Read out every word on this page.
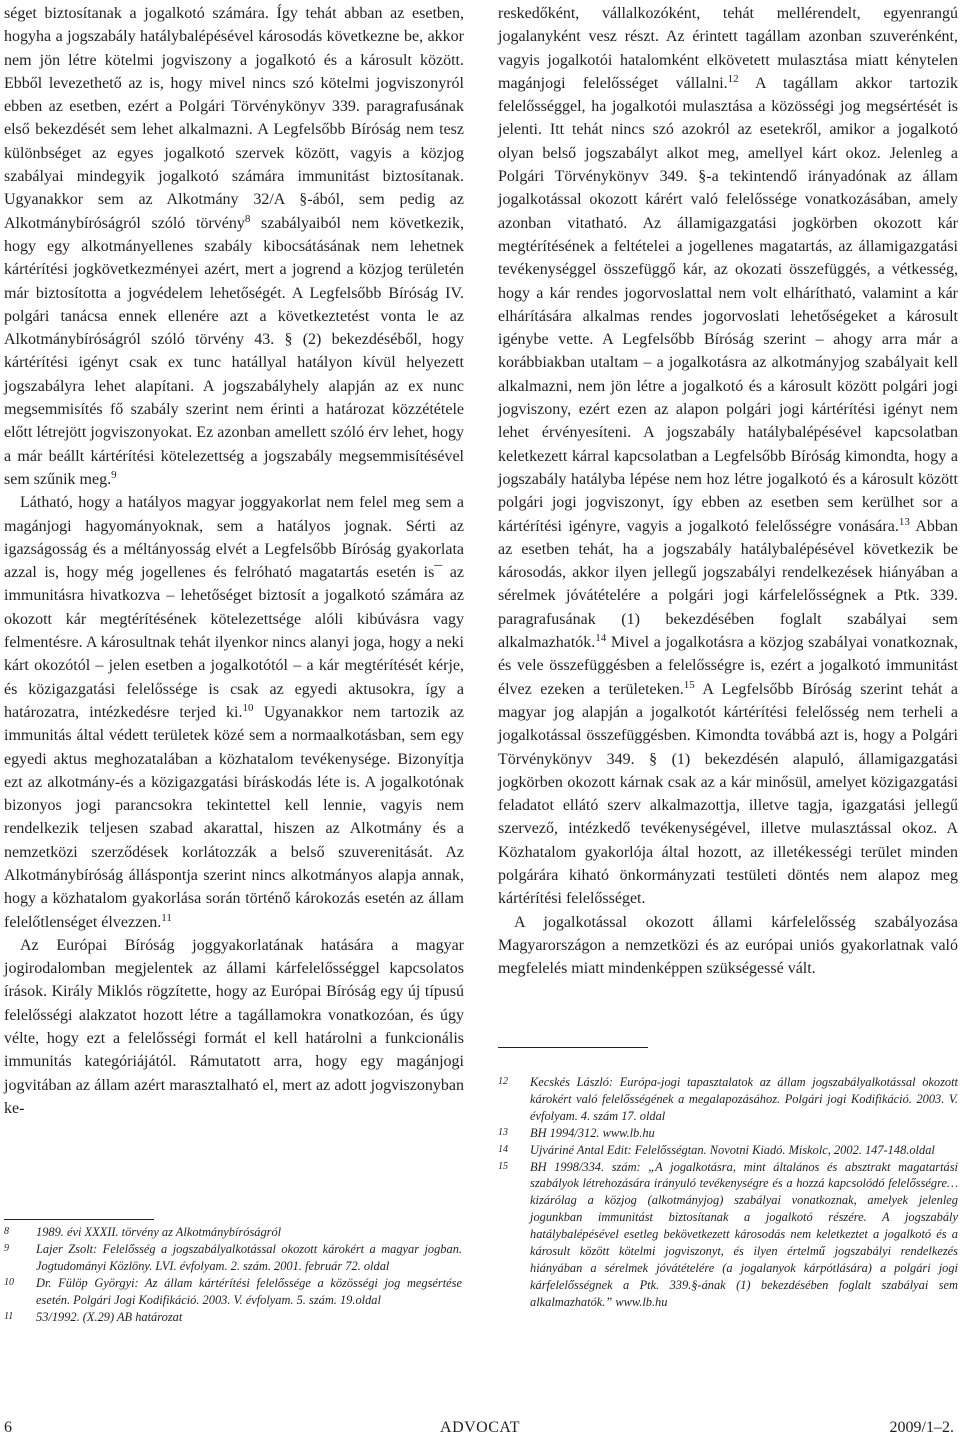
séget biztosítanak a jogalkotó számára. Így tehát abban az esetben, hogyha a jogszabály hatálybalépésével károsodás következne be, akkor nem jön létre kötelmi jogviszony a jogalkotó és a károsult között. Ebből levezethető az is, hogy mivel nincs szó kötelmi jogviszonyról ebben az esetben, ezért a Polgári Törvénykönyv 339. paragrafusának első bekezdését sem lehet alkalmazni. A Legfelsőbb Bíróság nem tesz különbséget az egyes jogalkotó szervek között, vagyis a közjog szabályai mindegyik jogalkotó számára immunitást biztosítanak. Ugyanakkor sem az Alkotmány 32/A §-ából, sem pedig az Alkotmánybíróságról szóló törvény$^8$ szabályaiból nem következik, hogy egy alkotmányellenes szabály kibocsátásának nem lehetnek kártérítési jogkövetkezményei azért, mert a jogrend a közjog területén már biztosította a jogvédelem lehetőségét. A Legfelsőbb Bíróság IV. polgári tanácsa ennek ellenére azt a következtetést vonta le az Alkotmánybíróságról szóló törvény 43. § (2) bekezdéséből, hogy kártérítési igényt csak ex tunc hatállyal hatályon kívül helyezett jogszabályra lehet alapítani. A jogszabályhely alapján az ex nunc megsemmisítés fő szabály szerint nem érinti a határozat közzététele előtt létrejött jogviszonyokat. Ez azonban amellett szóló érv lehet, hogy a már beállt kártérítési kötelezettség a jogszabály megsemmisítésével sem szűnik meg.$^9$

Látható, hogy a hatályos magyar joggyakorlat nem felel meg sem a magánjogi hagyományoknak, sem a hatályos jognak. Sérti az igazságosság és a méltányosság elvét a Legfelsőbb Bíróság gyakorlata azzal is, hogy még jogellenes és felróható magatartás esetén is¯ az immunitásra hivatkozva – lehetőséget biztosít a jogalkotó számára az okozott kár megtérítésének kötelezettsége alóli kibúvásra vagy felmentésre. A károsultnak tehát ilyenkor nincs alanyi joga, hogy a neki kárt okozótól – jelen esetben a jogalkotótól – a kár megtérítését kérje, és közigazgatási felelőssége is csak az egyedi aktusokra, így a határozatra, intézkedésre terjed ki.$^{10}$ Ugyanakkor nem tartozik az immunitás által védett területek közé sem a normaalkotásban, sem egy egyedi aktus meghozatalában a közhatalom tevékenysége. Bizonyítja ezt az alkotmány-és a közigazgatási bíráskodás léte is. A jogalkotónak bizonyos jogi parancsokra tekintettel kell lennie, vagyis nem rendelkezik teljesen szabad akarattal, hiszen az Alkotmány és a nemzetközi szerződések korlátozzák a belső szuverenitását. Az Alkotmánybíróság álláspontja szerint nincs alkotmányos alapja annak, hogy a közhatalom gyakorlása során történő károkozás esetén az állam felelőtlenséget élvezzen.$^{11}$

Az Európai Bíróság joggyakorlatának hatására a magyar jogirodalomban megjelentek az állami kárfelelősséggel kapcsolatos írások. Király Miklós rögzítette, hogy az Európai Bíróság egy új típusú felelősségi alakzatot hozott létre a tagállamokra vonatkozóan, és úgy vélte, hogy ezt a felelősségi formát el kell határolni a funkcionális immunitás kategóriájától. Rámutatott arra, hogy egy magánjogi jogvitában az állam azért marasztalható el, mert az adott jogviszonyban ke-

reskedőként, vállalkozóként, tehát mellérendelt, egyenrangú jogalanyként vesz részt. Az érintett tagállam azonban szuverénként, vagyis jogalkotói hatalomként elkövetett mulasztása miatt kénytelen magánjogi felelősséget vállalni.$^{12}$ A tagállam akkor tartozik felelősséggel, ha jogalkotói mulasztása a közösségi jog megsértését is jelenti. Itt tehát nincs szó azokról az esetekről, amikor a jogalkotó olyan belső jogszabályt alkot meg, amellyel kárt okoz. Jelenleg a Polgári Törvénykönyv 349. §-a tekintendő irányadónak az állam jogalkotással okozott kárért való felelőssége vonatkozásában, amely azonban vitatható. Az államigazgatási jogkörben okozott kár megtérítésének a feltételei a jogellenes magatartás, az államigazgatási tevékenységgel összefüggő kár, az okozati összefüggés, a vétkesség, hogy a kár rendes jogorvoslattal nem volt elhárítható, valamint a kár elhárítására alkalmas rendes jogorvoslati lehetőségeket a károsult igénybe vette. A Legfelsőbb Bíróság szerint – ahogy arra már a korábbiakban utaltam – a jogalkotásra az alkotmányjog szabályait kell alkalmazni, nem jön létre a jogalkotó és a károsult között polgári jogi jogviszony, ezért ezen az alapon polgári jogi kártérítési igényt nem lehet érvényesíteni. A jogszabály hatálybalépésével kapcsolatban keletkezett kárral kapcsolatban a Legfelsőbb Bíróság kimondta, hogy a jogszabály hatályba lépése nem hoz létre jogalkotó és a károsult között polgári jogi jogviszonyt, így ebben az esetben sem kerülhet sor a kártérítési igényre, vagyis a jogalkotó felelősségre vonására.$^{13}$ Abban az esetben tehát, ha a jogszabály hatálybalépésével következik be károsodás, akkor ilyen jellegű jogszabályi rendelkezések hiányában a sérelmek jóvátételére a polgári jogi kárfelelősségnek a Ptk. 339. paragrafusának (1) bekezdésében foglalt szabályai sem alkalmazhatók.$^{14}$ Mivel a jogalkotásra a közjog szabályai vonatkoznak, és vele összefüggésben a felelősségre is, ezért a jogalkotó immunitást élvez ezeken a területeken.$^{15}$ A Legfelsőbb Bíróság szerint tehát a magyar jog alapján a jogalkotót kártérítési felelősség nem terheli a jogalkotással összefüggésben. Kimondta továbbá azt is, hogy a Polgári Törvénykönyv 349. § (1) bekezdésén alapuló, államigazgatási jogkörben okozott kárnak csak az a kár minősül, amelyet közigazgatási feladatot ellátó szerv alkalmazottja, illetve tagja, igazgatási jellegű szervező, intézkedő tevékenységével, illetve mulasztással okoz. A Közhatalom gyakorlója által hozott, az illetékességi terület minden polgárára kiható önkormányzati testületi döntés nem alapoz meg kártérítési felelősséget.

A jogalkotással okozott állami kárfelelősség szabályozása Magyarországon a nemzetközi és az európai uniós gyakorlatnak való megfelelés miatt mindenképpen szükségessé vált.

8 1989. évi XXXII. törvény az Alkotmánybíróságról
9 Lajer Zsolt: Felelősség a jogszabályalkotással okozott károkért a magyar jogban. Jogtudományi Közlöny. LVI. évfolyam. 2. szám. 2001. február 72. oldal
10 Dr. Fülöp Györgyi: Az állam kártérítési felelőssége a közösségi jog megsértése esetén. Polgári Jogi Kodifikáció. 2003. V. évfolyam. 5. szám. 19.oldal
11 53/1992. (X.29) AB határozat
12 Kecskés László: Európa-jogi tapasztalatok az állam jogszabályalkotással okozott károkért való felelősségének a megalapozásához. Polgári jogi Kodifikáció. 2003. V. évfolyam. 4. szám 17. oldal
13 BH 1994/312. www.lb.hu
14 Ujváriné Antal Edit: Felelősségtan. Novotni Kiadó. Miskolc, 2002. 147-148.oldal
15 BH 1998/334. szám: „A jogalkotásra, mint általános és absztrakt magatartási szabályok létrehozására irányuló tevékenységre és a hozzá kapcsolódó felelősségre… kizárólag a közjog (alkotmányjog) szabályai vonatkoznak, amelyek jelenleg jogunkban immunitást biztosítanak a jogalkotó részére. A jogszabály hatálybalépésével esetleg bekövetkezett károsodás nem keletkeztet a jogalkotó és a károsult között kötelmi jogviszonyt, és ilyen értelmű jogszabályi rendelkezés hiányában a sérelmek jóvátételére (a jogalanyok kárpótlására) a polgári jogi kárfelelősségnek a Ptk. 339.§-ának (1) bekezdésében foglalt szabályai sem alkalmazhatók.” www.lb.hu
6	ADVOCAT	2009/1–2.
